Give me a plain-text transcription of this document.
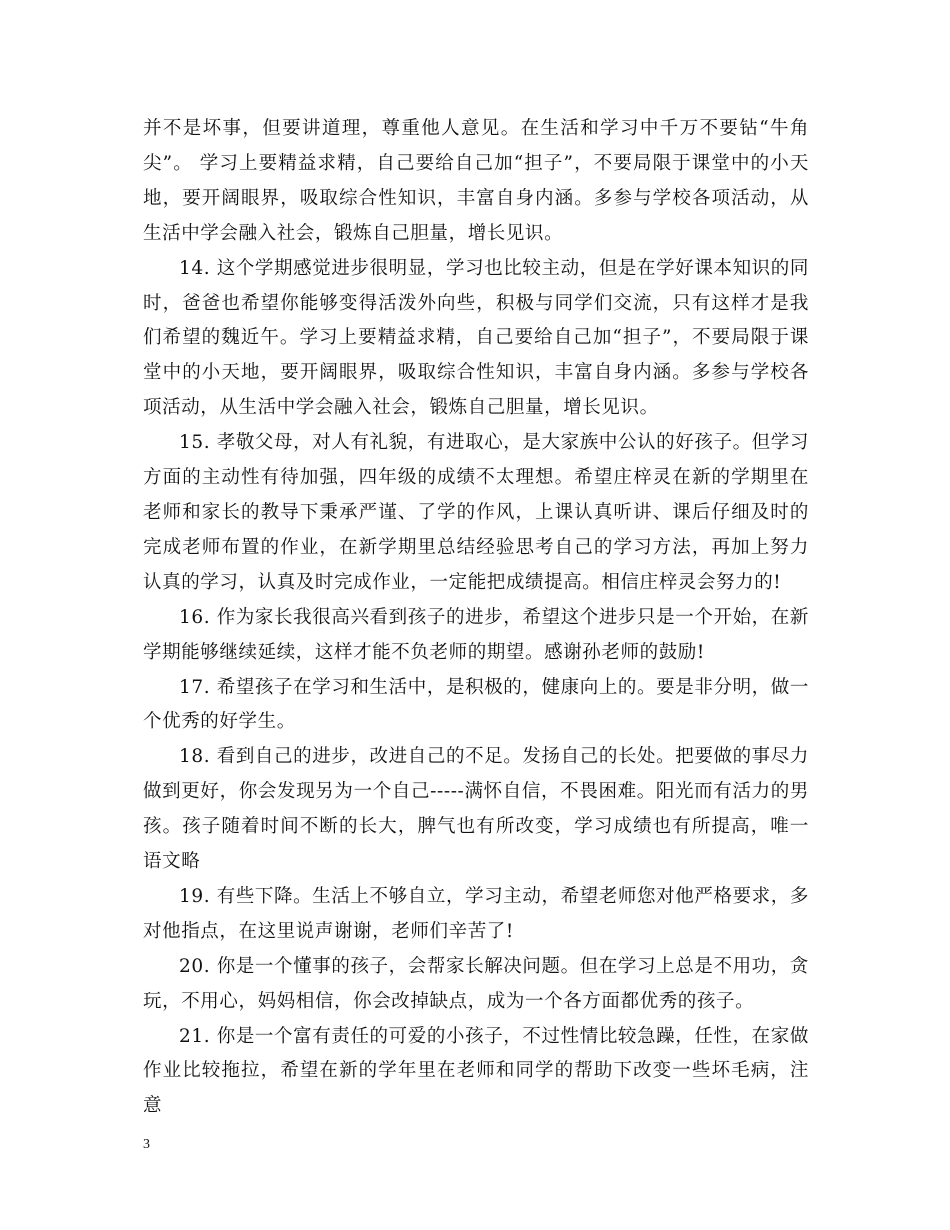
并不是坏事，但要讲道理，尊重他人意见。在生活和学习中千万不要钻“牛角尖”。 学习上要精益求精，自己要给自己加“担子”，不要局限于课堂中的小天地，要开阔眼界，吸取综合性知识，丰富自身内涵。多参与学校各项活动，从生活中学会融入社会，锻炼自己胆量，增长见识。

14. 这个学期感觉进步很明显，学习也比较主动，但是在学好课本知识的同时，爸爸也希望你能够变得活泼外向些，积极与同学们交流，只有这样才是我们希望的魏近午。学习上要精益求精，自己要给自己加“担子”，不要局限于课堂中的小天地，要开阔眼界，吸取综合性知识，丰富自身内涵。多参与学校各项活动，从生活中学会融入社会，锻炼自己胆量，增长见识。

15. 孝敬父母，对人有礼貌，有进取心，是大家族中公认的好孩子。但学习方面的主动性有待加强，四年级的成绩不太理想。希望庄梓灵在新的学期里在老师和家长的教导下秉承严谨、了学的作风，上课认真听讲、课后仔细及时的完成老师布置的作业，在新学期里总结经验思考自己的学习方法，再加上努力认真的学习，认真及时完成作业，一定能把成绩提高。相信庄梓灵会努力的!

16. 作为家长我很高兴看到孩子的进步，希望这个进步只是一个开始，在新学期能够继续延续，这样才能不负老师的期望。感谢孙老师的鼓励!

17. 希望孩子在学习和生活中，是积极的，健康向上的。要是非分明，做一个优秀的好学生。

18. 看到自己的进步，改进自己的不足。发扬自己的长处。把要做的事尽力做到更好，你会发现另为一个自己-----满怀自信，不畏困难。阳光而有活力的男孩。孩子随着时间不断的长大，脾气也有所改变，学习成绩也有所提高，唯一语文略

19. 有些下降。生活上不够自立，学习主动，希望老师您对他严格要求，多对他指点，在这里说声谢谢，老师们辛苦了!

20. 你是一个懂事的孩子，会帮家长解决问题。但在学习上总是不用功，贪玩，不用心，妈妈相信，你会改掉缺点，成为一个各方面都优秀的孩子。

21. 你是一个富有责任的可爱的小孩子，不过性情比较急躁，任性，在家做作业比较拖拉，希望在新的学年里在老师和同学的帮助下改变一些坏毛病，注意

3
